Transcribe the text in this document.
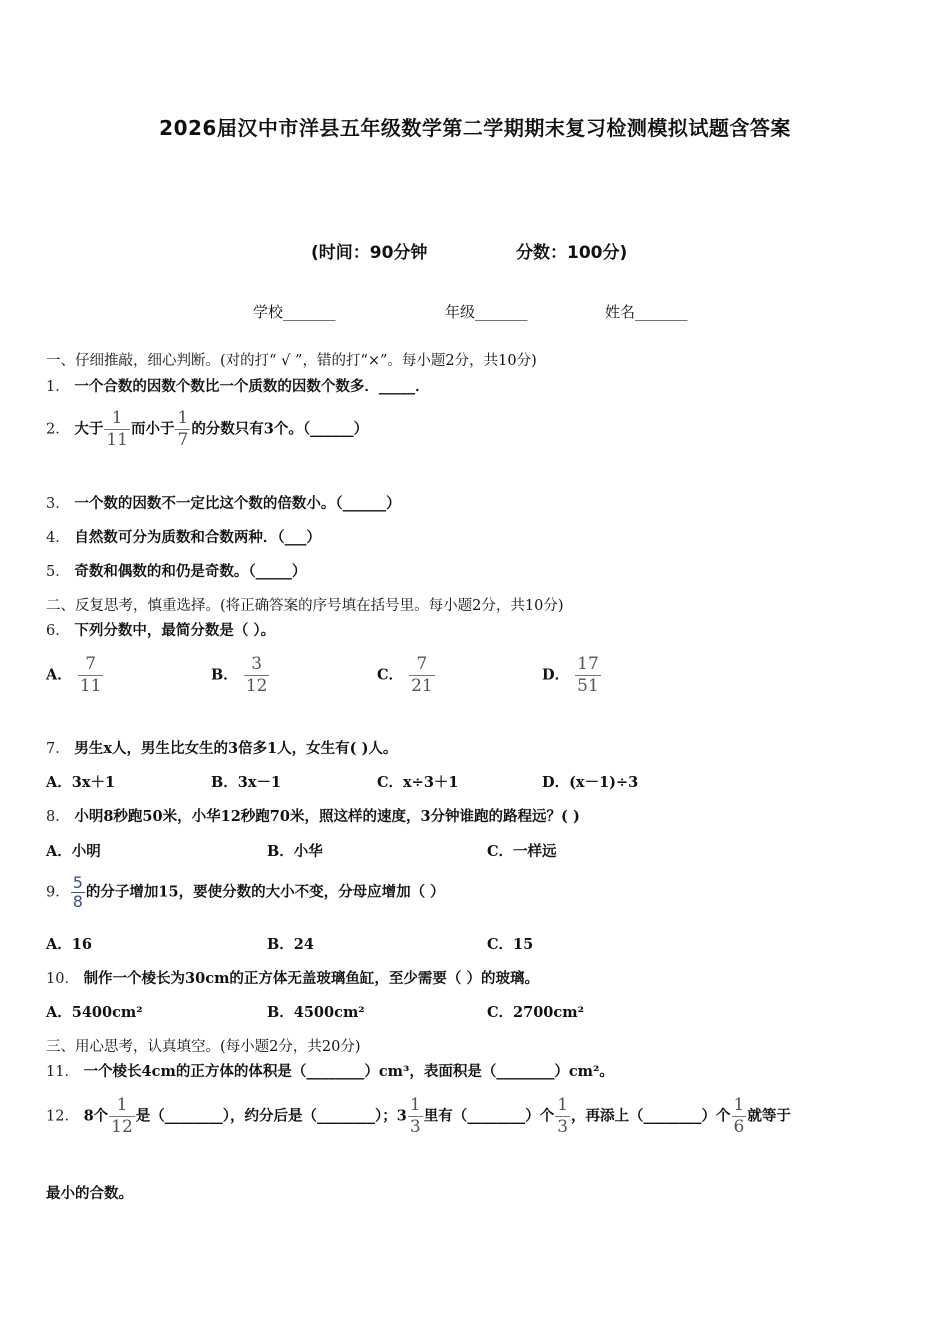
2026届汉中市洋县五年级数学第二学期期末复习检测模拟试题含答案
(时间：90分钟	分数：100分)
学校_______	年级_______	姓名_______
一、仔细推敲，细心判断。(对的打“ √ ”，错的打“×”。每小题2分，共10分)
1． 一个合数的因数个数比一个质数的因数个数多．_____．
2． 大于 $\frac{1}{11}$ 而小于 $\frac{1}{7}$ 的分数只有3个。（______）
3． 一个数的因数不一定比这个数的倍数小。（______）
4． 自然数可分为质数和合数两种．（___）
5． 奇数和偶数的和仍是奇数。（_____）
二、反复思考，慎重选择。(将正确答案的序号填在括号里。每小题2分，共10分)
6． 下列分数中，最简分数是（ ）。
A． $\frac{7}{11}$	B． $\frac{3}{12}$	C． $\frac{7}{21}$	D． $\frac{17}{51}$
7． 男生x人，男生比女生的3倍多1人，女生有( )人。
A．3x＋1	B．3x－1	C．x÷3＋1	D．(x－1)÷3
8． 小明8秒跑50米，小华12秒跑70米，照这样的速度，3分钟谁跑的路程远？( )
A．小明	B．小华	C．一样远
9． $\frac{5}{8}$ 的分子增加15，要使分数的大小不变，分母应增加（ ）
A．16	B．24	C．15
10． 制作一个棱长为30cm的正方体无盖玻璃鱼缸，至少需要（ ）的玻璃。
A．5400cm²	B．4500cm²	C．2700cm²
三、用心思考，认真填空。(每小题2分，共20分)
11． 一个棱长4cm的正方体的体积是（________）cm³，表面积是（________）cm²。
12． 8个 $\frac{1}{12}$ 是（________），约分后是（________）；$3 \frac{1}{3}$ 里有（________）个 $\frac{1}{3}$ ，再添上（________）个 $\frac{1}{6}$ 就等于
最小的合数。
